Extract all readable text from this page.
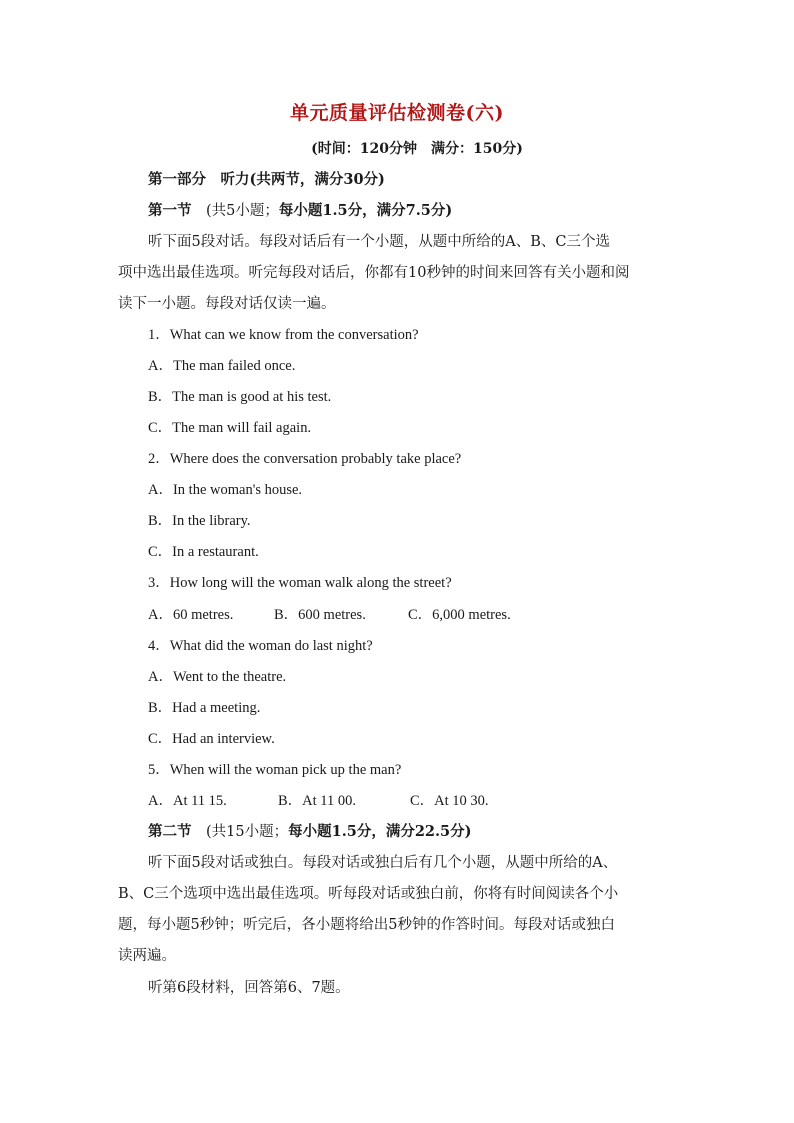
单元质量评估检测卷(六)
(时间：120分钟　满分：150分)
第一部分　听力(共两节，满分30分)
第一节　(共5小题；每小题1.5分，满分7.5分)
听下面5段对话。每段对话后有一个小题，从题中所给的A、B、C三个选
项中选出最佳选项。听完每段对话后，你都有10秒钟的时间来回答有关小题和阅
读下一小题。每段对话仅读一遍。
1．What can we know from the conversation?
A．The man failed once.
B．The man is good at his test.
C．The man will fail again.
2．Where does the conversation probably take place?
A．In the woman's house.
B．In the library.
C．In a restaurant.
3．How long will the woman walk along the street?
A．60 metres.	B．600 metres.	C．6,000 metres.
4．What did the woman do last night?
A．Went to the theatre.
B．Had a meeting.
C．Had an interview.
5．When will the woman pick up the man?
A．At 11 15.	B．At 11 00.	C．At 10 30.
第二节　(共15小题；每小题1.5分，满分22.5分)
听下面5段对话或独白。每段对话或独白后有几个小题，从题中所给的A、
B、C三个选项中选出最佳选项。听每段对话或独白前，你将有时间阅读各个小
题，每小题5秒钟；听完后，各小题将给出5秒钟的作答时间。每段对话或独白
读两遍。
听第6段材料，回答第6、7题。
